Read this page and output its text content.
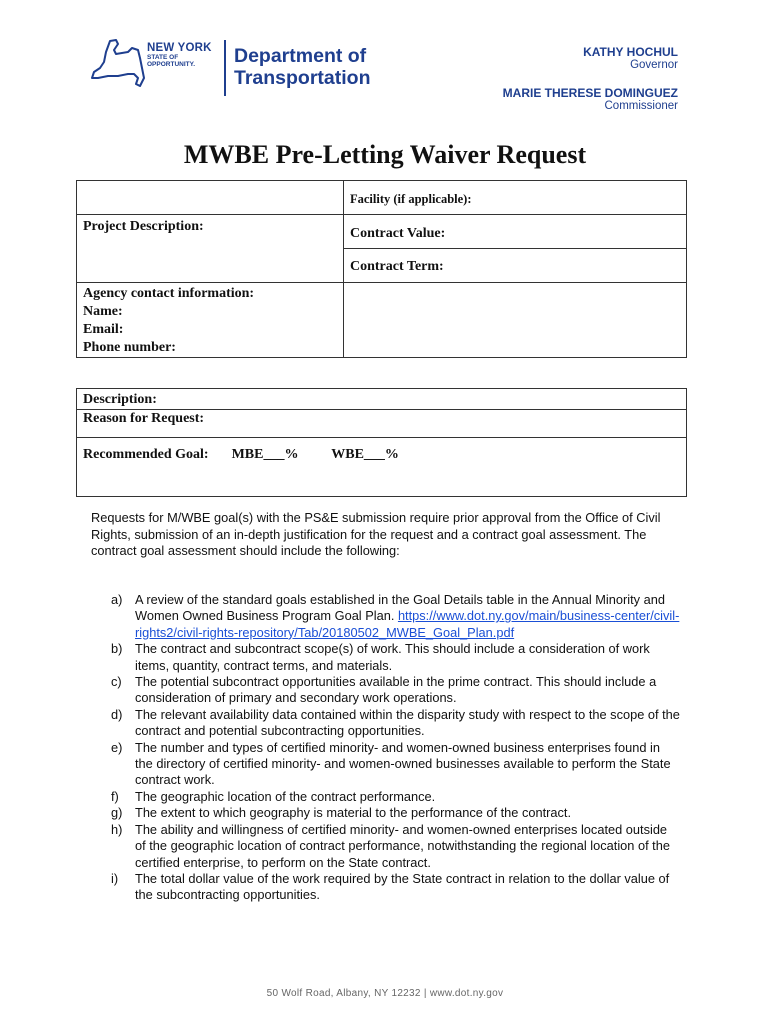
NEW YORK
STATE OF
OPPORTUNITY.	Department of
Transportation
KATHY HOCHUL
Governor
MARIE THERESE DOMINGUEZ
Commissioner
MWBE Pre-Letting Waiver Request

	Facility (if applicable):

Project Description:	Contract Value:

	Contract Term:

Agency contact information:
Name:
Email:
Phone number:	

Description:

Reason for Request:

Recommended Goal: MBE___% WBE___%
Requests for M/WBE goal(s) with the PS&E submission require prior approval from the Office of Civil Rights, submission of an in-depth justification for the request and a contract goal assessment. The contract goal assessment should include the following:
a) A review of the standard goals established in the Goal Details table in the Annual Minority and Women Owned Business Program Goal Plan. https://www.dot.ny.gov/main/business-center/civil-rights2/civil-rights-repository/Tab/20180502_MWBE_Goal_Plan.pdf
b) The contract and subcontract scope(s) of work. This should include a consideration of work items, quantity, contract terms, and materials.
c) The potential subcontract opportunities available in the prime contract. This should include a consideration of primary and secondary work operations.
d) The relevant availability data contained within the disparity study with respect to the scope of the contract and potential subcontracting opportunities.
e) The number and types of certified minority- and women-owned business enterprises found in the directory of certified minority- and women-owned businesses available to perform the State contract work.
f) The geographic location of the contract performance.
g) The extent to which geography is material to the performance of the contract.
h) The ability and willingness of certified minority- and women-owned enterprises located outside of the geographic location of contract performance, notwithstanding the regional location of the certified enterprise, to perform on the State contract.
i) The total dollar value of the work required by the State contract in relation to the dollar value of the subcontracting opportunities.
50 Wolf Road, Albany, NY 12232 | www.dot.ny.gov
